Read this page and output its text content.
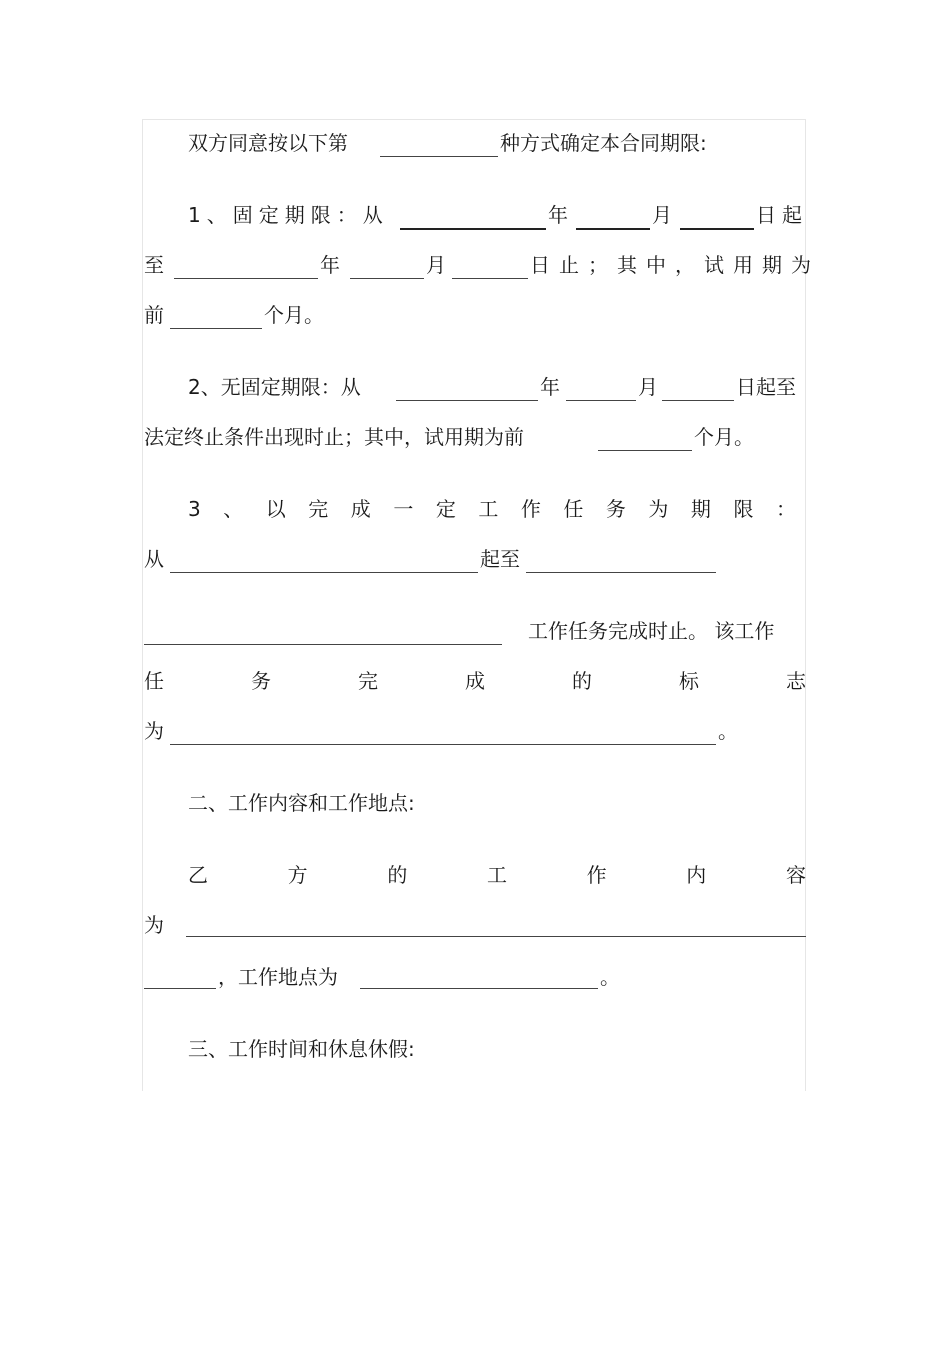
双方同意按以下第	种方式确定本合同期限:
1、固定期限：从	年	月	日起
至	年	月	日止；其中，试用期为
前	个月。
2、无固定期限：从	年	月	日起至
法定终止条件出现时止；其中，试用期为前	个月。
3 、 以 完 成 一 定 工 作 任 务 为 期 限 ：
从	起至
工作任务完成时止。 该工作
任	务	完	成	的	标	志
为	。
二、工作内容和工作地点:
乙	方	的	工	作	内	容
为
，工作地点为	。
三、工作时间和休息休假:
